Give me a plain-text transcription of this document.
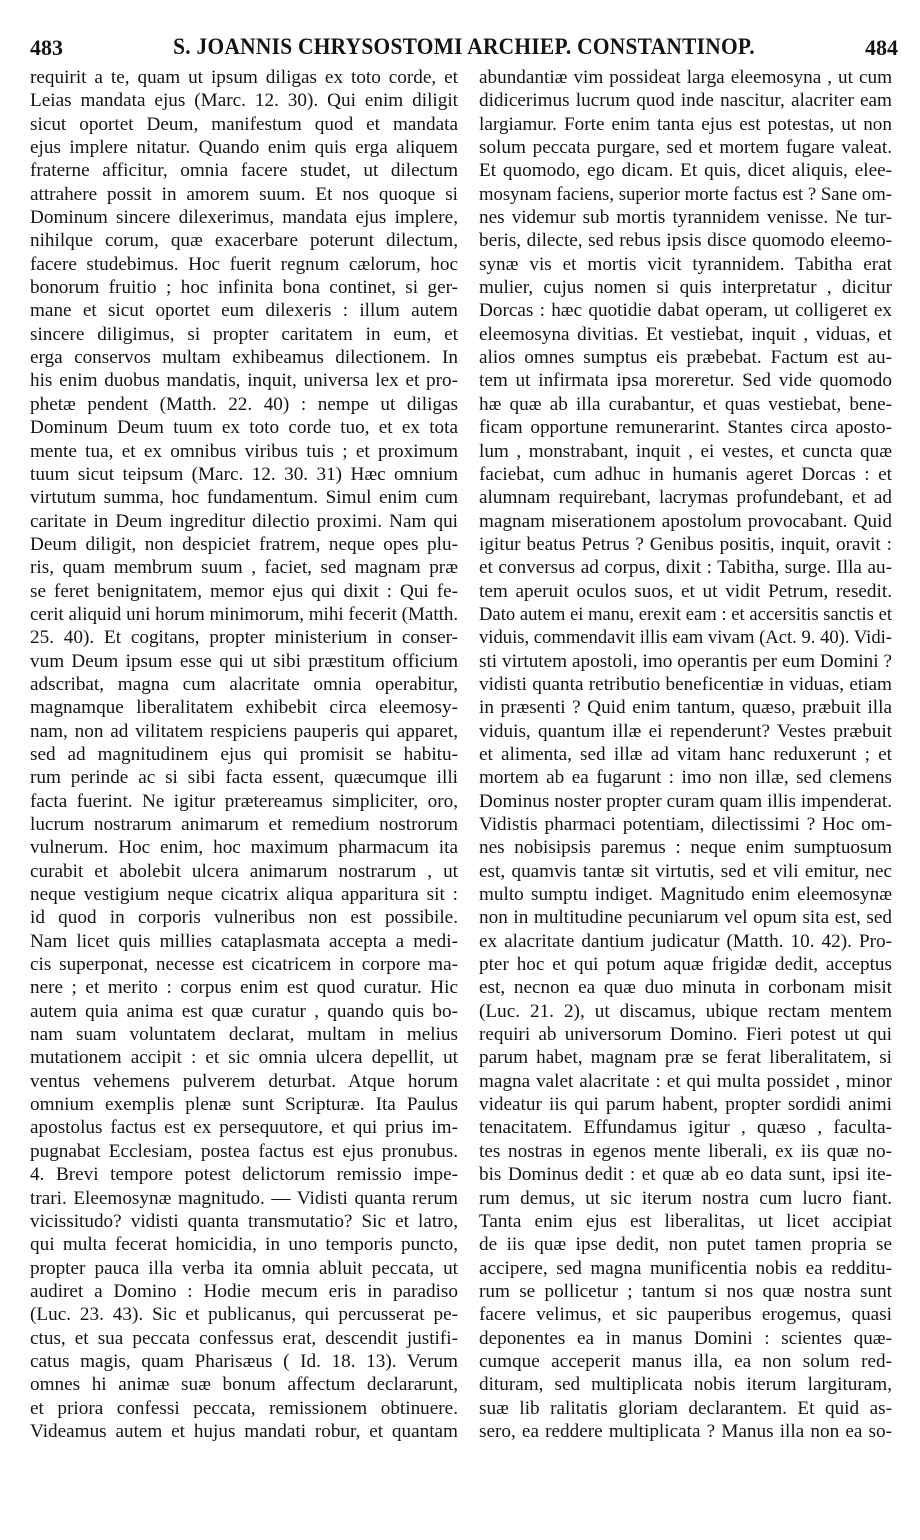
483	S. JOANNIS CHRYSOSTOMI ARCHIEP. CONSTANTINOP.	484
requirit a te, quam ut ipsum diligas ex toto corde, et
Leias mandata ejus (Marc. 12. 30). Qui enim diligit
sicut oportet Deum, manifestum quod et mandata
ejus implere nitatur. Quando enim quis erga aliquem
fraterne afficitur, omnia facere studet, ut dilectum
attrahere possit in amorem suum. Et nos quoque si
Dominum sincere dilexerimus, mandata ejus implere,
nihilque corum, quæ exacerbare poterunt dilectum,
facere studebimus. Hoc fuerit regnum cælorum, hoc
bonorum fruitio ; hoc infinita bona continet, si ger-
mane et sicut oportet eum dilexeris : illum autem
sincere diligimus, si propter caritatem in eum, et
erga conservos multam exhibeamus dilectionem. In
his enim duobus mandatis, inquit, universa lex et pro-
phetæ pendent (Matth. 22. 40) : nempe ut diligas
Dominum Deum tuum ex toto corde tuo, et ex tota
mente tua, et ex omnibus viribus tuis ; et proximum
tuum sicut teipsum (Marc. 12. 30. 31) Hæc omnium
virtutum summa, hoc fundamentum. Simul enim cum
caritate in Deum ingreditur dilectio proximi. Nam qui
Deum diligit, non despiciet fratrem, neque opes plu-
ris, quam membrum suum , faciet, sed magnam præ
se feret benignitatem, memor ejus qui dixit : Qui fe-
cerit aliquid uni horum minimorum, mihi fecerit (Matth.
25. 40). Et cogitans, propter ministerium in conser-
vum Deum ipsum esse qui ut sibi præstitum officium
adscribat, magna cum alacritate omnia operabitur,
magnamque liberalitatem exhibebit circa eleemosy-
nam, non ad vilitatem respiciens pauperis qui apparet,
sed ad magnitudinem ejus qui promisit se habitu-
rum perinde ac si sibi facta essent, quæcumque illi
facta fuerint. Ne igitur prætereamus simpliciter, oro,
lucrum nostrarum animarum et remedium nostrorum
vulnerum. Hoc enim, hoc maximum pharmacum ita
curabit et abolebit ulcera animarum nostrarum , ut
neque vestigium neque cicatrix aliqua apparitura sit :
id quod in corporis vulneribus non est possibile.
Nam licet quis millies cataplasmata accepta a medi-
cis superponat, necesse est cicatricem in corpore ma-
nere ; et merito : corpus enim est quod curatur. Hic
autem quia anima est quæ curatur , quando quis bo-
nam suam voluntatem declarat, multam in melius
mutationem accipit : et sic omnia ulcera depellit, ut
ventus vehemens pulverem deturbat. Atque horum
omnium exemplis plenæ sunt Scripturæ. Ita Paulus
apostolus factus est ex persequutore, et qui prius im-
pugnabat Ecclesiam, postea factus est ejus pronubus.
4. Brevi tempore potest delictorum remissio impe-
trari. Eleemosynæ magnitudo. — Vidisti quanta rerum
vicissitudo? vidisti quanta transmutatio? Sic et latro,
qui multa fecerat homicidia, in uno temporis puncto,
propter pauca illa verba ita omnia abluit peccata, ut
audiret a Domino : Hodie mecum eris in paradiso
(Luc. 23. 43). Sic et publicanus, qui percusserat pe-
ctus, et sua peccata confessus erat, descendit justifi-
catus magis, quam Pharisæus ( Id. 18. 13). Verum
omnes hi animæ suæ bonum affectum declararunt,
et priora confessi peccata, remissionem obtinuere.
Videamus autem et hujus mandati robur, et quantam
abundantiæ vim possideat larga eleemosyna , ut cum
didicerimus lucrum quod inde nascitur, alacriter eam
largiamur. Forte enim tanta ejus est potestas, ut non
solum peccata purgare, sed et mortem fugare valeat.
Et quomodo, ego dicam. Et quis, dicet aliquis, elee-
mosynam faciens, superior morte factus est ? Sane om-
nes videmur sub mortis tyrannidem venisse. Ne tur-
beris, dilecte, sed rebus ipsis disce quomodo eleemo-
synæ vis et mortis vicit tyrannidem. Tabitha erat
mulier, cujus nomen si quis interpretatur , dicitur
Dorcas : hæc quotidie dabat operam, ut colligeret ex
eleemosyna divitias. Et vestiebat, inquit , viduas, et
alios omnes sumptus eis præbebat. Factum est au-
tem ut infirmata ipsa moreretur. Sed vide quomodo
hæ quæ ab illa curabantur, et quas vestiebat, bene-
ficam opportune remunerarint. Stantes circa aposto-
lum , monstrabant, inquit , ei vestes, et cuncta quæ
faciebat, cum adhuc in humanis ageret Dorcas : et
alumnam requirebant, lacrymas profundebant, et ad
magnam miserationem apostolum provocabant. Quid
igitur beatus Petrus ? Genibus positis, inquit, oravit :
et conversus ad corpus, dixit : Tabitha, surge. Illa au-
tem aperuit oculos suos, et ut vidit Petrum, resedit.
Dato autem ei manu, erexit eam : et accersitis sanctis et
viduis, commendavit illis eam vivam (Act. 9. 40). Vidi-
sti virtutem apostoli, imo operantis per eum Domini ?
vidisti quanta retributio beneficentiæ in viduas, etiam
in præsenti ? Quid enim tantum, quæso, præbuit illa
viduis, quantum illæ ei rependerunt? Vestes præbuit
et alimenta, sed illæ ad vitam hanc reduxerunt ; et
mortem ab ea fugarunt : imo non illæ, sed clemens
Dominus noster propter curam quam illis impenderat.
Vidistis pharmaci potentiam, dilectissimi ? Hoc om-
nes nobisipsis paremus : neque enim sumptuosum
est, quamvis tantæ sit virtutis, sed et vili emitur, nec
multo sumptu indiget. Magnitudo enim eleemosynæ
non in multitudine pecuniarum vel opum sita est, sed
ex alacritate dantium judicatur (Matth. 10. 42). Pro-
pter hoc et qui potum aquæ frigidæ dedit, acceptus
est, necnon ea quæ duo minuta in corbonam misit
(Luc. 21. 2), ut discamus, ubique rectam mentem
requiri ab universorum Domino. Fieri potest ut qui
parum habet, magnam præ se ferat liberalitatem, si
magna valet alacritate : et qui multa possidet , minor
videatur iis qui parum habent, propter sordidi animi
tenacitatem. Effundamus igitur , quæso , faculta-
tes nostras in egenos mente liberali, ex iis quæ no-
bis Dominus dedit : et quæ ab eo data sunt, ipsi ite-
rum demus, ut sic iterum nostra cum lucro fiant.
Tanta enim ejus est liberalitas, ut licet accipiat
de iis quæ ipse dedit, non putet tamen propria se
accipere, sed magna munificentia nobis ea redditu-
rum se pollicetur ; tantum si nos quæ nostra sunt
facere velimus, et sic pauperibus erogemus, quasi
deponentes ea in manus Domini : scientes quæ-
cumque acceperit manus illa, ea non solum red-
dituram, sed multiplicata nobis iterum largituram,
suæ lib ralitatis gloriam declarantem. Et quid as-
sero, ea reddere multiplicata ? Manus illa non ea so-
